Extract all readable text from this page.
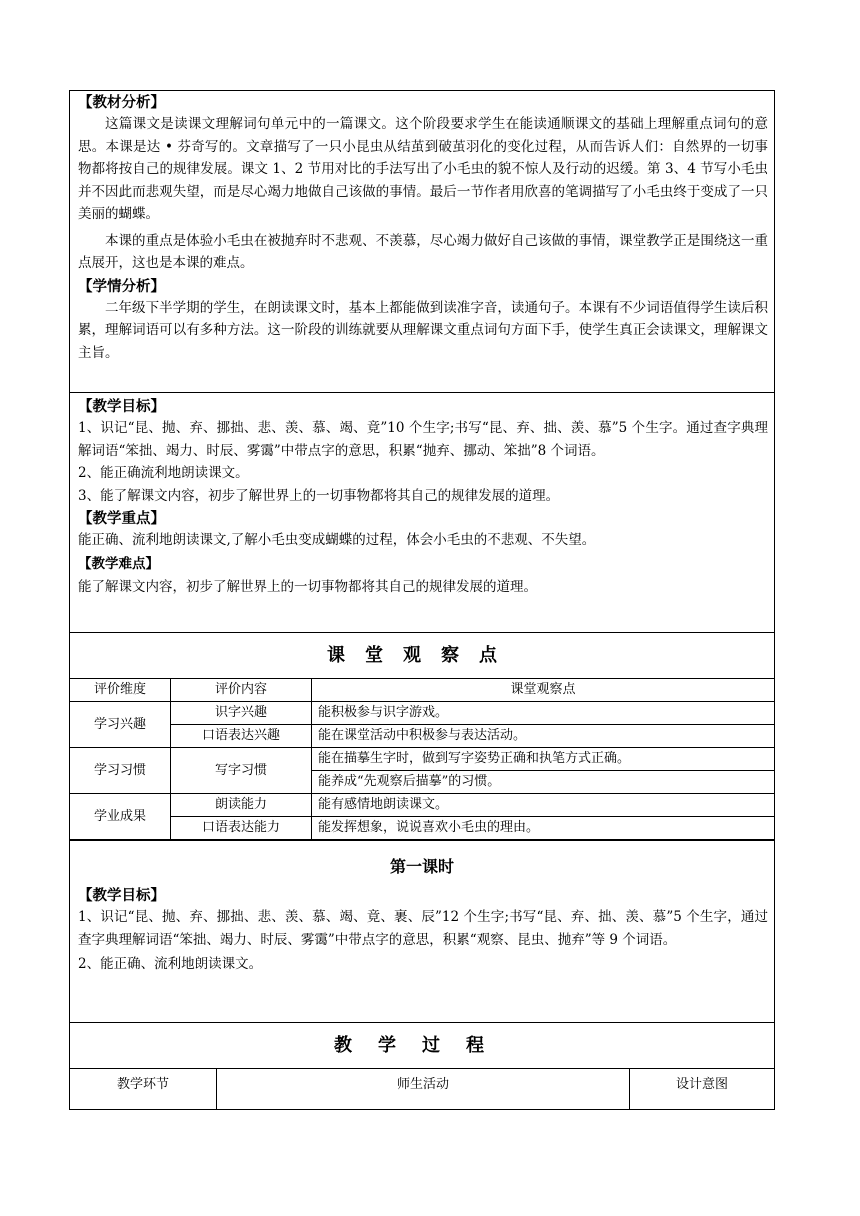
【教材分析】

这篇课文是读课文理解词句单元中的一篇课文。这个阶段要求学生在能读通顺课文的基础上理解重点词句的意思。本课是达 • 芬奇写的。文章描写了一只小昆虫从结茧到破茧羽化的变化过程，从而告诉人们：自然界的一切事物都将按自己的规律发展。课文 1、2 节用对比的手法写出了小毛虫的貌不惊人及行动的迟缓。第 3、4 节写小毛虫并不因此而悲观失望，而是尽心竭力地做自己该做的事情。最后一节作者用欣喜的笔调描写了小毛虫终于变成了一只美丽的蝴蝶。

本课的重点是体验小毛虫在被抛弃时不悲观、不羡慕，尽心竭力做好自己该做的事情，课堂教学正是围绕这一重点展开，这也是本课的难点。

【学情分析】

二年级下半学期的学生，在朗读课文时，基本上都能做到读准字音，读通句子。本课有不少词语值得学生读后积累，理解词语可以有多种方法。这一阶段的训练就要从理解课文重点词句方面下手，使学生真正会读课文，理解课文主旨。

【教学目标】

1、识记“昆、抛、弃、挪拙、悲、羡、慕、竭、竟”10 个生字;书写“昆、弃、拙、羡、慕”5 个生字。通过查字典理解词语“笨拙、竭力、时辰、雾霭”中带点字的意思，积累“抛弃、挪动、笨拙”8 个词语。

2、能正确流利地朗读课文。

3、能了解课文内容，初步了解世界上的一切事物都将其自己的规律发展的道理。

【教学重点】

能正确、流利地朗读课文,了解小毛虫变成蝴蝶的过程，体会小毛虫的不悲观、不失望。

【教学难点】

能了解课文内容，初步了解世界上的一切事物都将其自己的规律发展的道理。

课堂观察点
评价维度	评价内容	课堂观察点
学习兴趣	识字兴趣	能积极参与识字游戏。
	口语表达兴趣	能在课堂活动中积极参与表达活动。
学习习惯	写字习惯	能在描摹生字时，做到写字姿势正确和执笔方式正确。
		能养成“先观察后描摹”的习惯。
学业成果	朗读能力	能有感情地朗读课文。
	口语表达能力	能发挥想象，说说喜欢小毛虫的理由。
第一课时
【教学目标】

1、识记“昆、抛、弃、挪拙、悲、羡、慕、竭、竟、裹、辰”12 个生字;书写“昆、弃、拙、羡、慕”5 个生字，通过查字典理解词语“笨拙、竭力、时辰、雾霭”中带点字的意思，积累“观察、昆虫、抛弃”等 9 个词语。

2、能正确、流利地朗读课文。

教学过程
教学环节	师生活动	设计意图
